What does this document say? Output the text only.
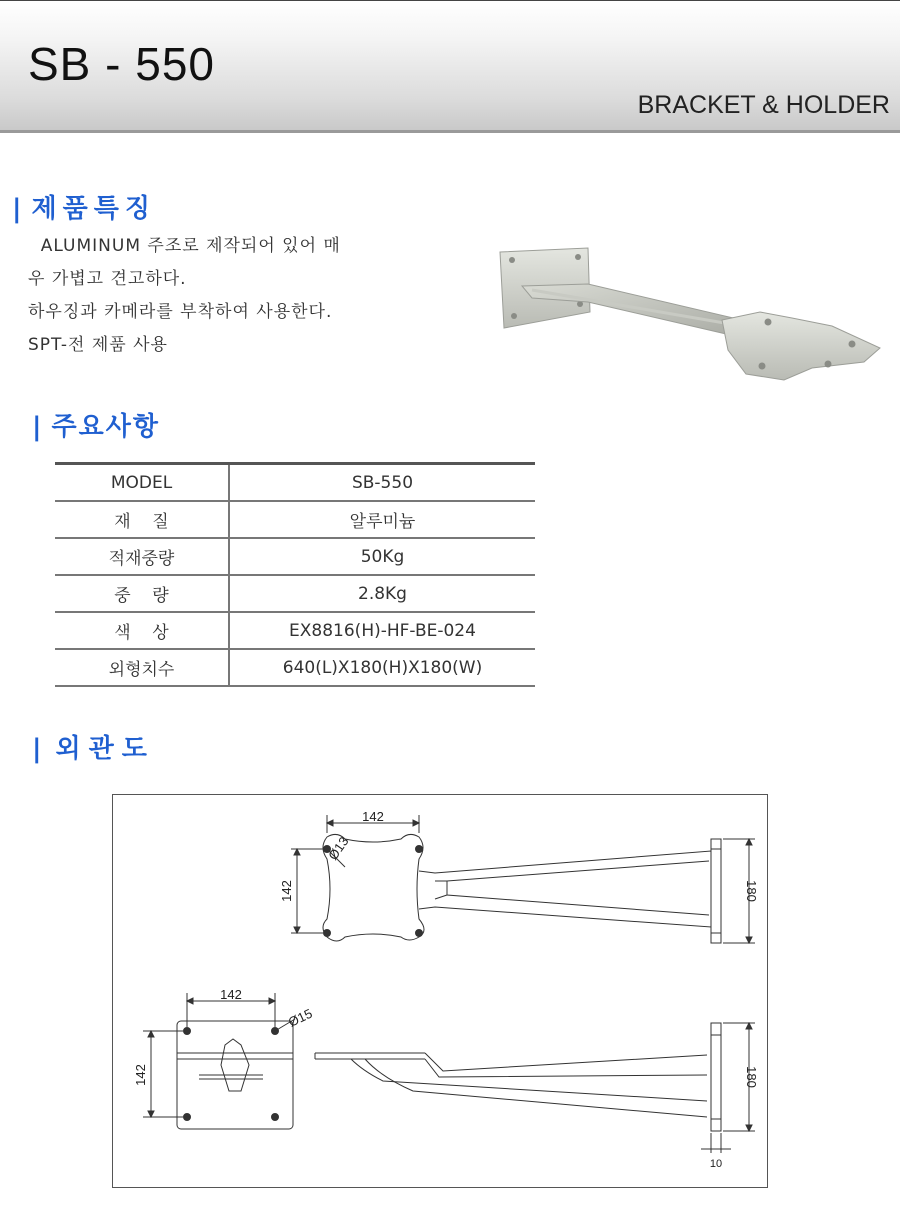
SB - 550
BRACKET & HOLDER
| 제품특징
ALUMINUM 주조로 제작되어 있어 매
우 가볍고 견고하다.
하우징과 카메라를 부착하여 사용한다.
SPT-전 제품 사용
| 주요사항
MODEL	SB-550
재    질	알루미늄
적재중량	50Kg
중    량	2.8Kg
색    상	EX8816(H)-HF-BE-024
외형치수	640(L)X180(H)X180(W)
| 외관도
142
142
Ø13
180
142
142
Ø15
180
10
